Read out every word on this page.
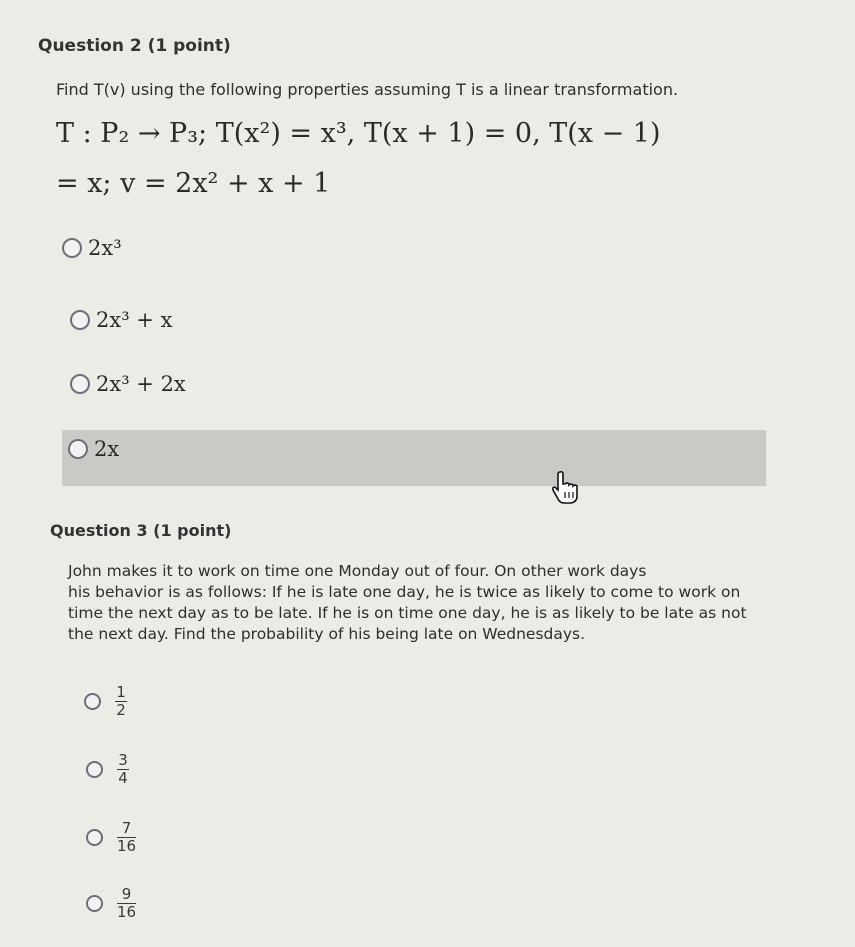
Question 2 (1 point)
Find T(v) using the following properties assuming T is a linear transformation.
T : P₂ → P₃; T(x²) = x³, T(x + 1) = 0, T(x − 1)
= x; v = 2x² + x + 1
2x³
2x³ + x
2x³ + 2x
2x
Question 3 (1 point)
John makes it to work on time one Monday out of four. On other work days
his behavior is as follows: If he is late one day, he is twice as likely to come to work on
time the next day as to be late. If he is on time one day, he is as likely to be late as not
the next day. Find the probability of his being late on Wednesdays.
$\frac{1}{2}$
$\frac{3}{4}$
$\frac{7}{16}$
$\frac{9}{16}$
